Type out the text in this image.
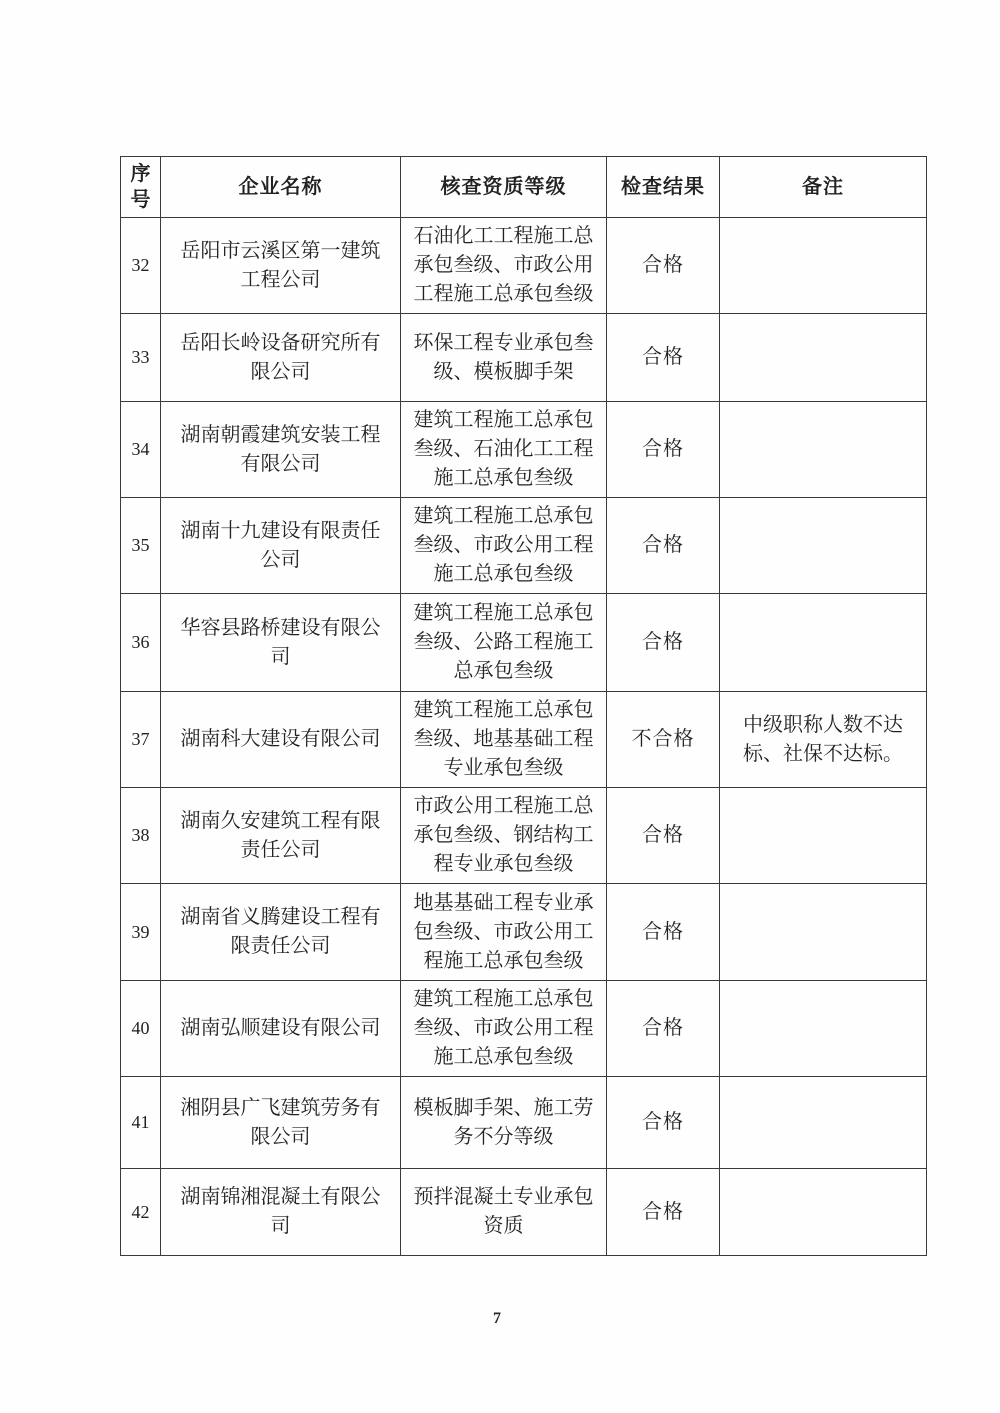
序号	企业名称	核查资质等级	检查结果	备注
32	岳阳市云溪区第一建筑工程公司	石油化工工程施工总承包叁级、市政公用工程施工总承包叁级	合格	
33	岳阳长岭设备研究所有限公司	环保工程专业承包叁级、模板脚手架	合格	
34	湖南朝霞建筑安装工程有限公司	建筑工程施工总承包叁级、石油化工工程施工总承包叁级	合格	
35	湖南十九建设有限责任公司	建筑工程施工总承包叁级、市政公用工程施工总承包叁级	合格	
36	华容县路桥建设有限公司	建筑工程施工总承包叁级、公路工程施工总承包叁级	合格	
37	湖南科大建设有限公司	建筑工程施工总承包叁级、地基基础工程专业承包叁级	不合格	中级职称人数不达标、社保不达标。
38	湖南久安建筑工程有限责任公司	市政公用工程施工总承包叁级、钢结构工程专业承包叁级	合格	
39	湖南省义腾建设工程有限责任公司	地基基础工程专业承包叁级、市政公用工程施工总承包叁级	合格	
40	湖南弘顺建设有限公司	建筑工程施工总承包叁级、市政公用工程施工总承包叁级	合格	
41	湘阴县广飞建筑劳务有限公司	模板脚手架、施工劳务不分等级	合格	
42	湖南锦湘混凝土有限公司	预拌混凝土专业承包资质	合格	
7
